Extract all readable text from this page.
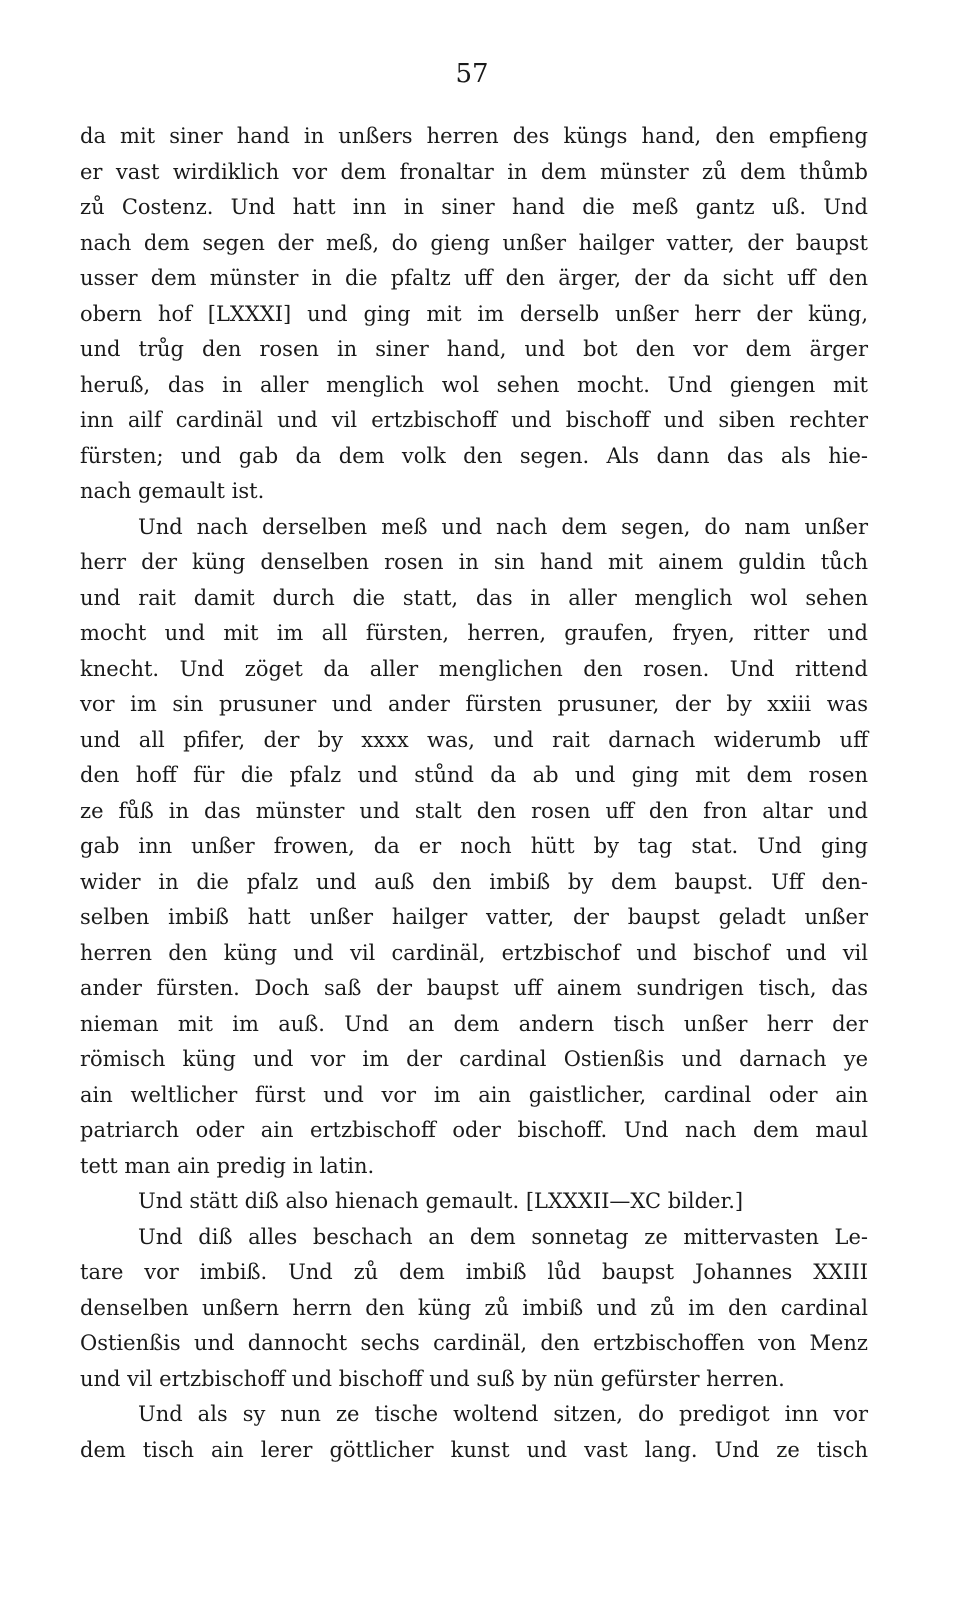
57
da mit siner hand in unßers herren des küngs hand, den empfieng
er vast wirdiklich vor dem fronaltar in dem münster zů dem thůmb
zů Costenz. Und hatt inn in siner hand die meß gantz uß. Und
nach dem segen der meß, do gieng unßer hailger vatter, der baupst
usser dem münster in die pfaltz uff den ärger, der da sicht uff den
obern hof [LXXXI] und ging mit im derselb unßer herr der küng,
und trůg den rosen in siner hand, und bot den vor dem ärger
heruß, das in aller menglich wol sehen mocht. Und giengen mit
inn ailf cardinäl und vil ertzbischoff und bischoff und siben rechter
fürsten; und gab da dem volk den segen. Als dann das als hie-
nach gemault ist.
Und nach derselben meß und nach dem segen, do nam unßer
herr der küng denselben rosen in sin hand mit ainem guldin tůch
und rait damit durch die statt, das in aller menglich wol sehen
mocht und mit im all fürsten, herren, graufen, fryen, ritter und
knecht. Und zöget da aller menglichen den rosen. Und rittend
vor im sin prusuner und ander fürsten prusuner, der by xxiii was
und all pfifer, der by xxxx was, und rait darnach widerumb uff
den hoff für die pfalz und stůnd da ab und ging mit dem rosen
ze fůß in das münster und stalt den rosen uff den fron altar und
gab inn unßer frowen, da er noch hütt by tag stat. Und ging
wider in die pfalz und auß den imbiß by dem baupst. Uff den-
selben imbiß hatt unßer hailger vatter, der baupst geladt unßer
herren den küng und vil cardinäl, ertzbischof und bischof und vil
ander fürsten. Doch saß der baupst uff ainem sundrigen tisch, das
nieman mit im auß. Und an dem andern tisch unßer herr der
römisch küng und vor im der cardinal Ostienßis und darnach ye
ain weltlicher fürst und vor im ain gaistlicher, cardinal oder ain
patriarch oder ain ertzbischoff oder bischoff. Und nach dem maul
tett man ain predig in latin.
Und stätt diß also hienach gemault. [LXXXII—XC bilder.]
Und diß alles beschach an dem sonnetag ze mittervasten Le-
tare vor imbiß. Und zů dem imbiß lůd baupst Johannes XXIII
denselben unßern herrn den küng zů imbiß und zů im den cardinal
Ostienßis und dannocht sechs cardinäl, den ertzbischoffen von Menz
und vil ertzbischoff und bischoff und suß by nün gefürster herren.
Und als sy nun ze tische woltend sitzen, do predigot inn vor
dem tisch ain lerer göttlicher kunst und vast lang. Und ze tisch
